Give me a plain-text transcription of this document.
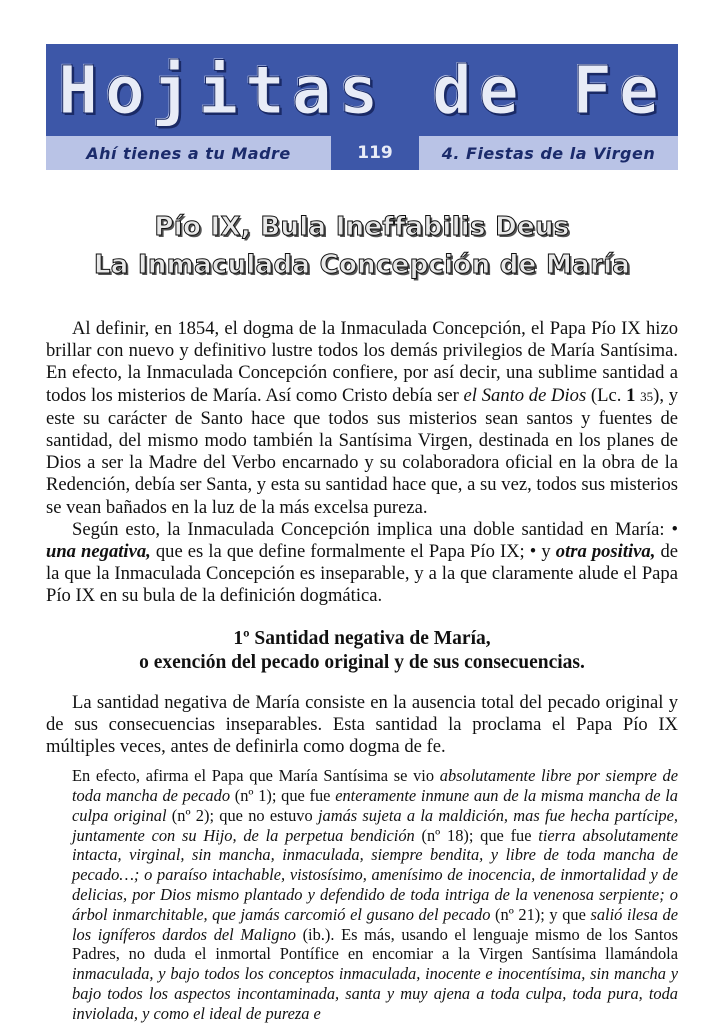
Hojitas de Fe
Ahí tienes a tu Madre	119	4. Fiestas de la Virgen
Pío IX, Bula Ineffabilis Deus
La Inmaculada Concepción de María

Al definir, en 1854, el dogma de la Inmaculada Concepción, el Papa Pío IX hizo brillar con nuevo y definitivo lustre todos los demás privilegios de María Santísima. En efecto, la Inmaculada Concepción confiere, por así decir, una sublime santidad a todos los misterios de María. Así como Cristo debía ser el Santo de Dios (Lc. 1 35), y este su carácter de Santo hace que todos sus misterios sean santos y fuentes de santidad, del mismo modo también la Santísima Virgen, destinada en los planes de Dios a ser la Madre del Verbo encarnado y su colaboradora oficial en la obra de la Redención, debía ser Santa, y esta su santidad hace que, a su vez, todos sus misterios se vean bañados en la luz de la más excelsa pureza.

Según esto, la Inmaculada Concepción implica una doble santidad en María: • una negativa, que es la que define formalmente el Papa Pío IX; • y otra positiva, de la que la Inmaculada Concepción es inseparable, y a la que claramente alude el Papa Pío IX en su bula de la definición dogmática.

1º Santidad negativa de María,
o exención del pecado original y de sus consecuencias.

La santidad negativa de María consiste en la ausencia total del pecado original y de sus consecuencias inseparables. Esta santidad la proclama el Papa Pío IX múltiples veces, antes de definirla como dogma de fe.

En efecto, afirma el Papa que María Santísima se vio absolutamente libre por siempre de toda mancha de pecado (nº 1); que fue enteramente inmune aun de la misma mancha de la culpa original (nº 2); que no estuvo jamás sujeta a la maldición, mas fue hecha partícipe, juntamente con su Hijo, de la perpetua bendición (nº 18); que fue tierra absolutamente intacta, virginal, sin mancha, inmaculada, siempre bendita, y libre de toda mancha de pecado…; o paraíso intachable, vistosísimo, amenísimo de inocencia, de inmortalidad y de delicias, por Dios mismo plantado y defendido de toda intriga de la venenosa serpiente; o árbol inmarchitable, que jamás carcomió el gusano del pecado (nº 21); y que salió ilesa de los igníferos dardos del Maligno (ib.). Es más, usando el lenguaje mismo de los Santos Padres, no duda el inmortal Pontífice en encomiar a la Virgen Santísima llamándola inmaculada, y bajo todos los conceptos inmaculada, inocente e inocentísima, sin mancha y bajo todos los aspectos incontaminada, santa y muy ajena a toda culpa, toda pura, toda inviolada, y como el ideal de pureza e
